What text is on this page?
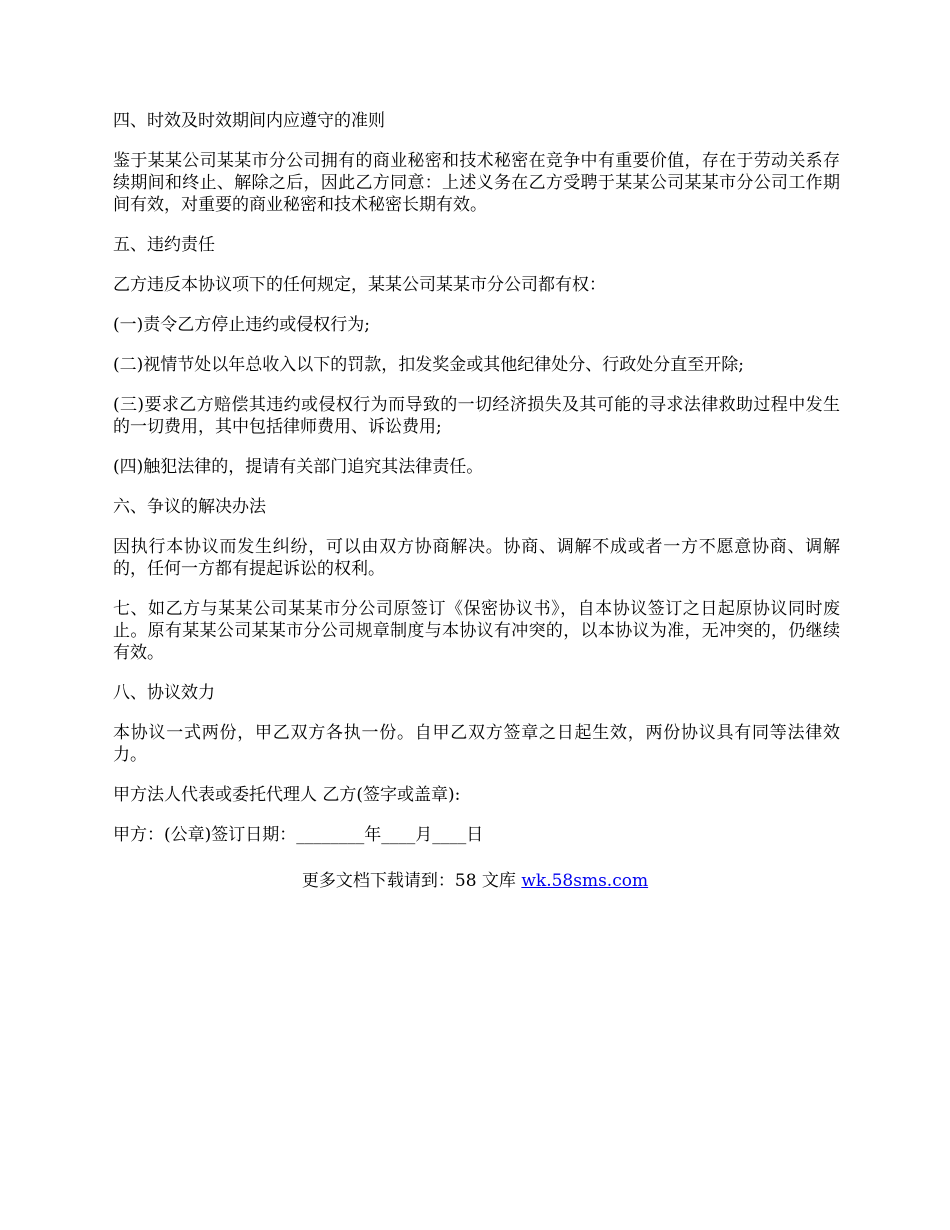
四、时效及时效期间内应遵守的准则

鉴于某某公司某某市分公司拥有的商业秘密和技术秘密在竞争中有重要价值，存在于劳动关系存续期间和终止、解除之后，因此乙方同意：上述义务在乙方受聘于某某公司某某市分公司工作期间有效，对重要的商业秘密和技术秘密长期有效。

五、违约责任

乙方违反本协议项下的任何规定，某某公司某某市分公司都有权：

(一)责令乙方停止违约或侵权行为;

(二)视情节处以年总收入以下的罚款，扣发奖金或其他纪律处分、行政处分直至开除;

(三)要求乙方赔偿其违约或侵权行为而导致的一切经济损失及其可能的寻求法律救助过程中发生的一切费用，其中包括律师费用、诉讼费用;

(四)触犯法律的，提请有关部门追究其法律责任。

六、争议的解决办法

因执行本协议而发生纠纷，可以由双方协商解决。协商、调解不成或者一方不愿意协商、调解的，任何一方都有提起诉讼的权利。

七、如乙方与某某公司某某市分公司原签订《保密协议书》，自本协议签订之日起原协议同时废止。原有某某公司某某市分公司规章制度与本协议有冲突的，以本协议为准，无冲突的，仍继续有效。

八、协议效力

本协议一式两份，甲乙双方各执一份。自甲乙双方签章之日起生效，两份协议具有同等法律效力。

甲方法人代表或委托代理人 乙方(签字或盖章):

甲方：(公章)签订日期：________年____月____日

更多文档下载请到：58 文库 wk.58sms.com
